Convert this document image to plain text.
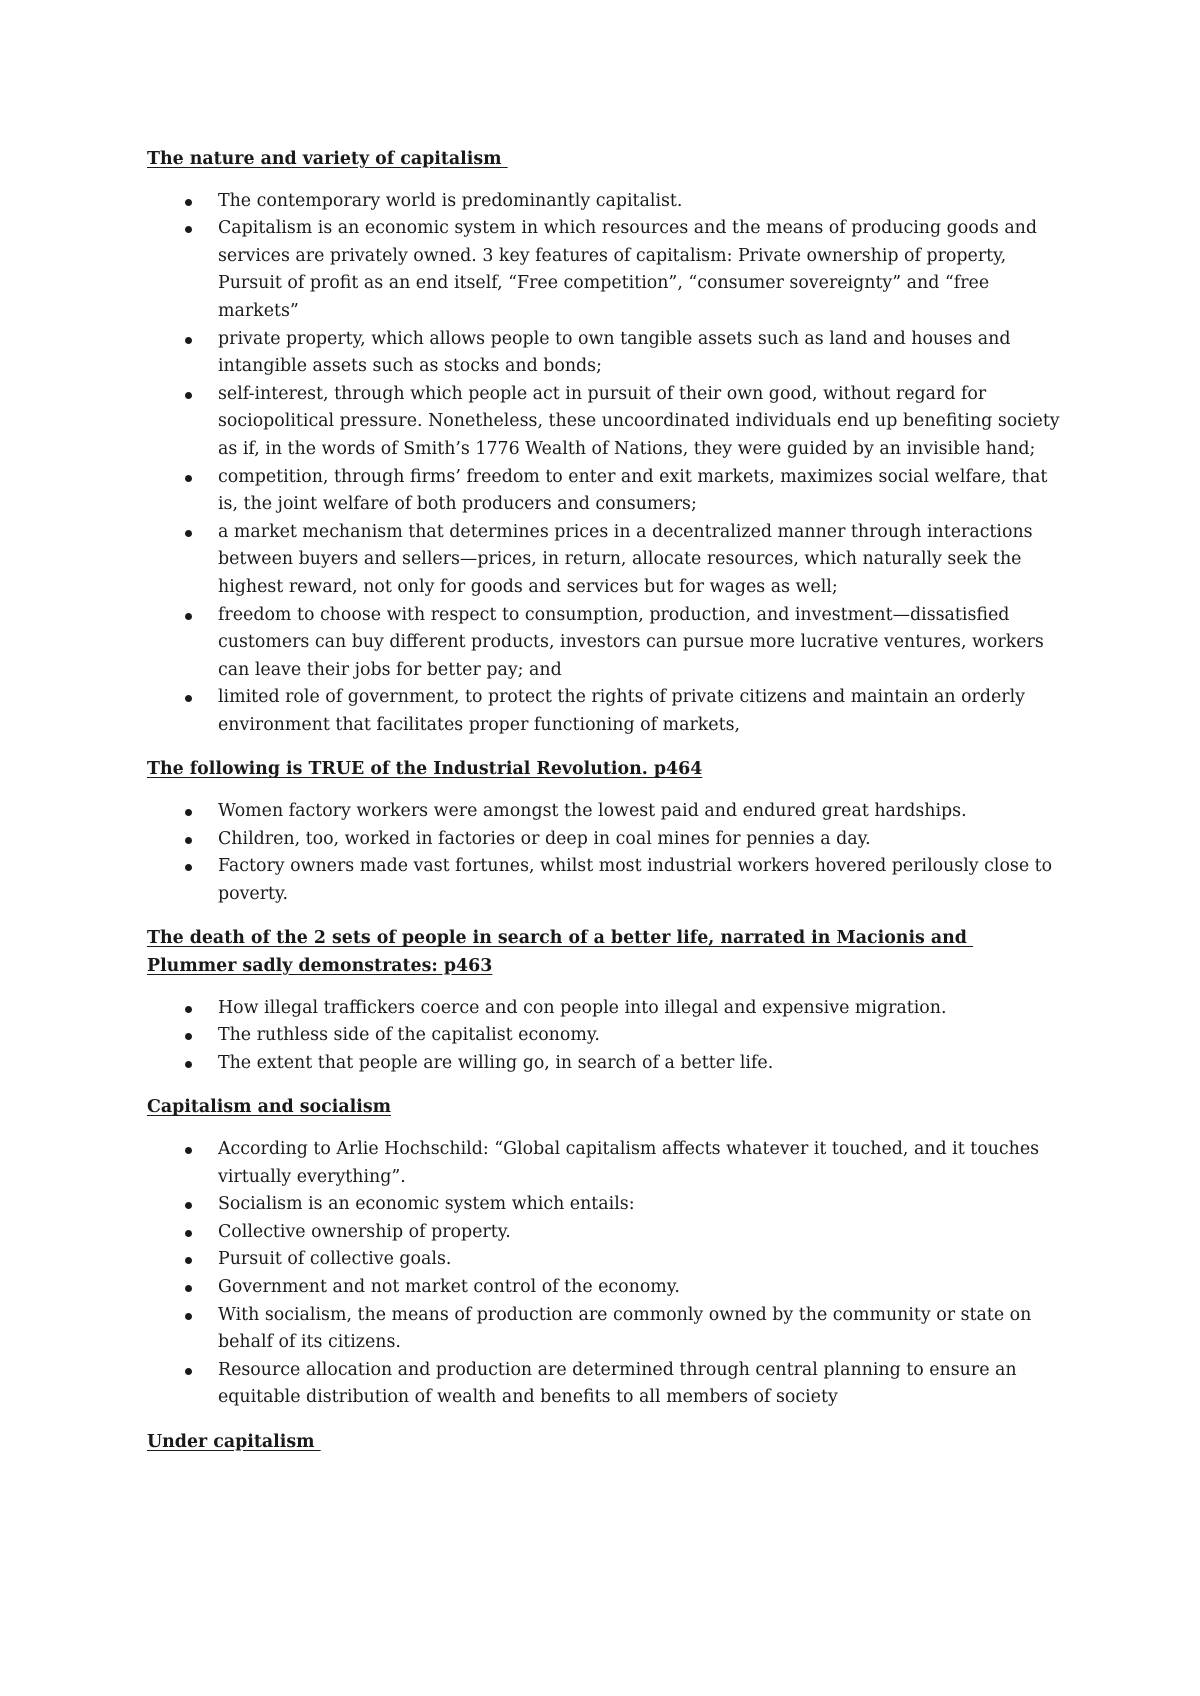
The nature and variety of capitalism
The contemporary world is predominantly capitalist.
Capitalism is an economic system in which resources and the means of producing goods and services are privately owned. 3 key features of capitalism: Private ownership of property, Pursuit of profit as an end itself, “Free competition”, “consumer sovereignty” and “free markets”
private property, which allows people to own tangible assets such as land and houses and intangible assets such as stocks and bonds;
self-interest, through which people act in pursuit of their own good, without regard for sociopolitical pressure. Nonetheless, these uncoordinated individuals end up benefiting society as if, in the words of Smith’s 1776 Wealth of Nations, they were guided by an invisible hand;
competition, through firms’ freedom to enter and exit markets, maximizes social welfare, that is, the joint welfare of both producers and consumers;
a market mechanism that determines prices in a decentralized manner through interactions between buyers and sellers—prices, in return, allocate resources, which naturally seek the highest reward, not only for goods and services but for wages as well;
freedom to choose with respect to consumption, production, and investment—dissatisfied customers can buy different products, investors can pursue more lucrative ventures, workers can leave their jobs for better pay; and
limited role of government, to protect the rights of private citizens and maintain an orderly environment that facilitates proper functioning of markets,
The following is TRUE of the Industrial Revolution. p464
Women factory workers were amongst the lowest paid and endured great hardships.
Children, too, worked in factories or deep in coal mines for pennies a day.
Factory owners made vast fortunes, whilst most industrial workers hovered perilously close to poverty.
The death of the 2 sets of people in search of a better life, narrated in Macionis and Plummer sadly demonstrates: p463
How illegal traffickers coerce and con people into illegal and expensive migration.
The ruthless side of the capitalist economy.
The extent that people are willing go, in search of a better life.
Capitalism and socialism
According to Arlie Hochschild: “Global capitalism affects whatever it touched, and it touches virtually everything”.
Socialism is an economic system which entails:
Collective ownership of property.
Pursuit of collective goals.
Government and not market control of the economy.
With socialism, the means of production are commonly owned by the community or state on behalf of its citizens.
Resource allocation and production are determined through central planning to ensure an equitable distribution of wealth and benefits to all members of society
Under capitalism
